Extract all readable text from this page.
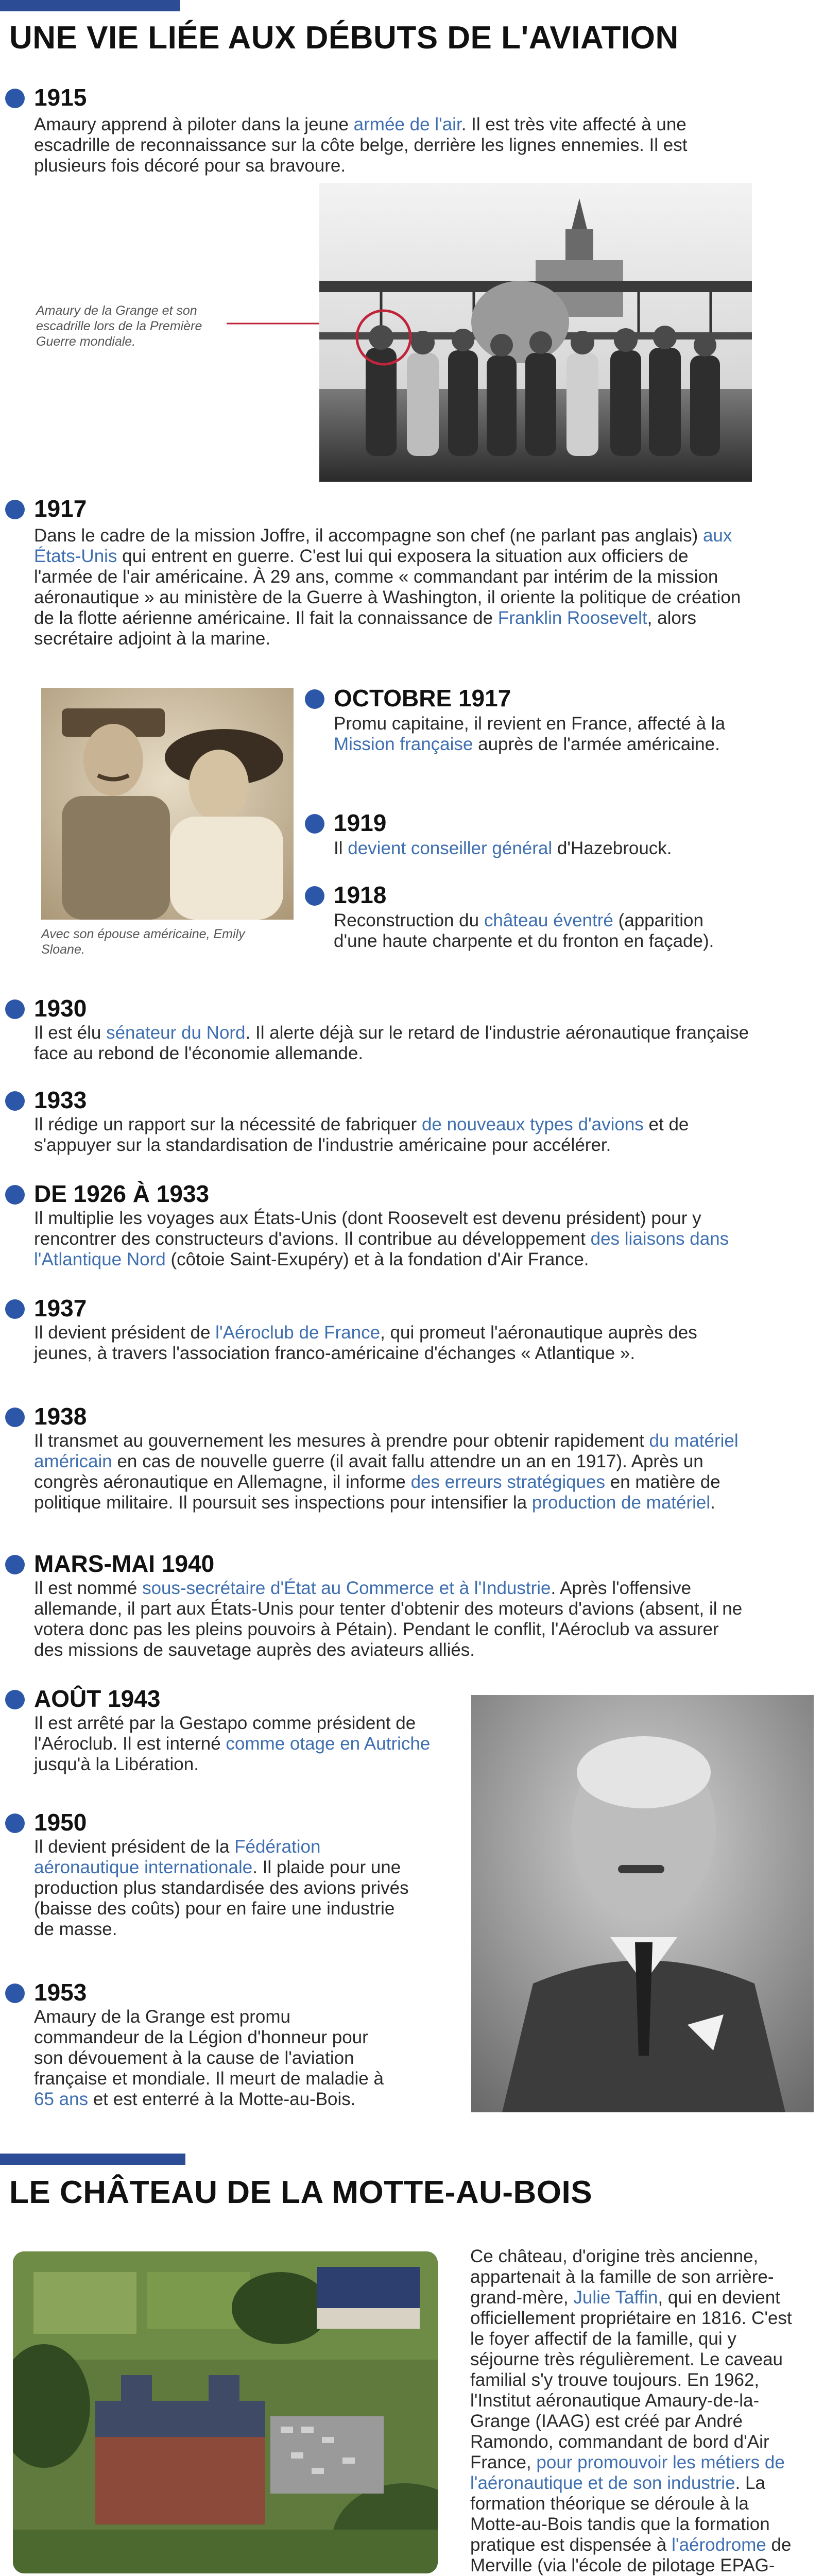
UNE VIE LIÉE AUX DÉBUTS DE L'AVIATION
1915
Amaury apprend à piloter dans la jeune armée de l'air. Il est très vite affecté à une escadrille de reconnaissance sur la côte belge, derrière les lignes ennemies. Il est plusieurs fois décoré pour sa bravoure.
Amaury de la Grange et son escadrille lors de la Première Guerre mondiale.
1917
Dans le cadre de la mission Joffre, il accompagne son chef (ne parlant pas anglais) aux États-Unis qui entrent en guerre. C'est lui qui exposera la situation aux officiers de l'armée de l'air américaine. À 29 ans, comme « commandant par intérim de la mission aéronautique » au ministère de la Guerre à Washington, il oriente la politique de création de la flotte aérienne américaine. Il fait la connaissance de Franklin Roosevelt, alors secrétaire adjoint à la marine.
Avec son épouse américaine, Emily Sloane.
OCTOBRE 1917
Promu capitaine, il revient en France, affecté à la Mission française auprès de l'armée américaine.
1919
Il devient conseiller général d'Hazebrouck.
1918
Reconstruction du château éventré (apparition d'une haute charpente et du fronton en façade).
1930
Il est élu sénateur du Nord. Il alerte déjà sur le retard de l'industrie aéronautique française face au rebond de l'économie allemande.
1933
Il rédige un rapport sur la nécessité de fabriquer de nouveaux types d'avions et de s'appuyer sur la standardisation de l'industrie américaine pour accélérer.
DE 1926 À 1933
Il multiplie les voyages aux États-Unis (dont Roosevelt est devenu président) pour y rencontrer des constructeurs d'avions. Il contribue au développement des liaisons dans l'Atlantique Nord (côtoie Saint-Exupéry) et à la fondation d'Air France.
1937
Il devient président de l'Aéroclub de France, qui promeut l'aéronautique auprès des jeunes, à travers l'association franco-américaine d'échanges « Atlantique ».
1938
Il transmet au gouvernement les mesures à prendre pour obtenir rapidement du matériel américain en cas de nouvelle guerre (il avait fallu attendre un an en 1917). Après un congrès aéronautique en Allemagne, il informe des erreurs stratégiques en matière de politique militaire. Il poursuit ses inspections pour intensifier la production de matériel.
MARS-MAI 1940
Il est nommé sous-secrétaire d'État au Commerce et à l'Industrie. Après l'offensive allemande, il part aux États-Unis pour tenter d'obtenir des moteurs d'avions (absent, il ne votera donc pas les pleins pouvoirs à Pétain). Pendant le conflit, l'Aéroclub va assurer des missions de sauvetage auprès des aviateurs alliés.
AOÛT 1943
Il est arrêté par la Gestapo comme président de l'Aéroclub. Il est interné comme otage en Autriche jusqu'à la Libération.
1950
Il devient président de la Fédération aéronautique internationale. Il plaide pour une production plus standardisée des avions privés (baisse des coûts) pour en faire une industrie de masse.
1953
Amaury de la Grange est promu commandeur de la Légion d'honneur pour son dévouement à la cause de l'aviation française et mondiale. Il meurt de maladie à 65 ans et est enterré à la Motte-au-Bois.
LE CHÂTEAU DE LA MOTTE-AU-BOIS
Ce château, d'origine très ancienne, appartenait à la famille de son arrière-grand-mère, Julie Taffin, qui en devient officiellement propriétaire en 1816. C'est le foyer affectif de la famille, qui y séjourne très régulièrement. Le caveau familial s'y trouve toujours. En 1962, l'Institut aéronautique Amaury-de-la-Grange (IAAG) est créé par André Ramondo, commandant de bord d'Air France, pour promouvoir les métiers de l'aéronautique et de son industrie. La formation théorique se déroule à la Motte-au-Bois tandis que la formation pratique est dispensée à l'aérodrome de Merville (via l'école de pilotage EPAG-
